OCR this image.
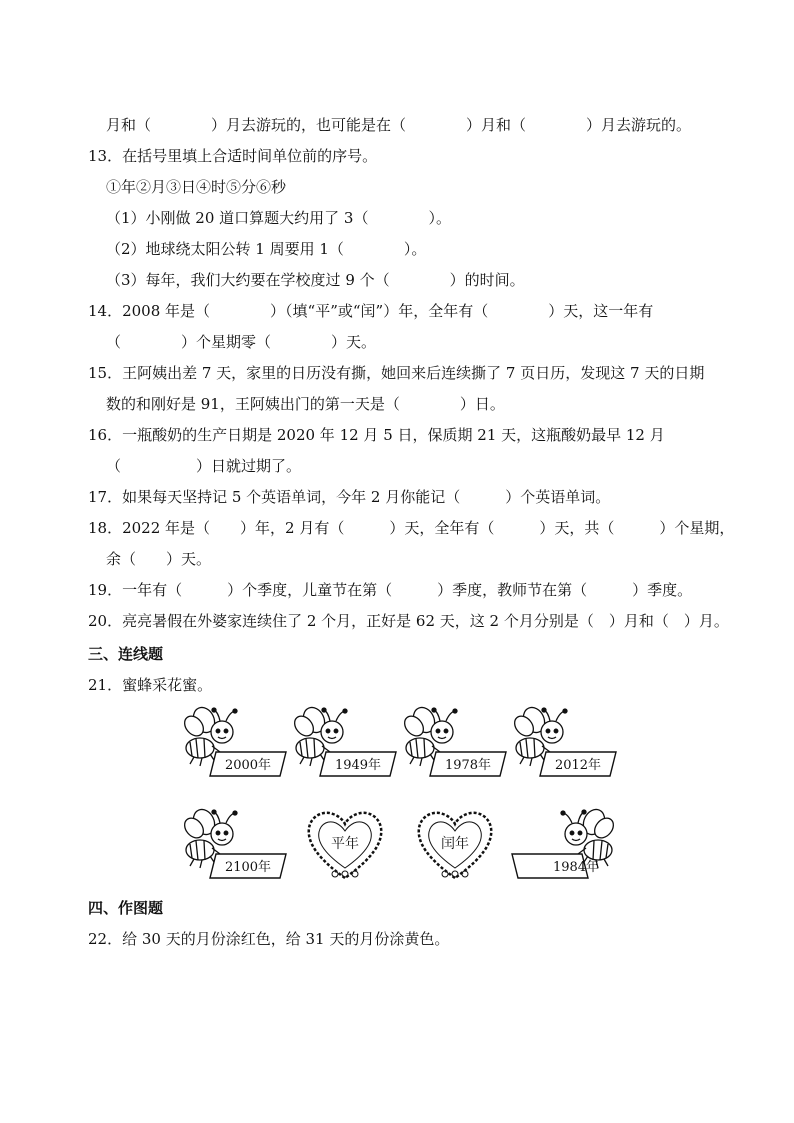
月和（　　　　）月去游玩的，也可能是在（　　　　）月和（　　　　）月去游玩的。
13．在括号里填上合适时间单位前的序号。
①年②月③日④时⑤分⑥秒
（1）小刚做 20 道口算题大约用了 3（　　　　）。
（2）地球绕太阳公转 1 周要用 1（　　　　）。
（3）每年，我们大约要在学校度过 9 个（　　　　）的时间。
14．2008 年是（　　　　）（填“平”或“闰”）年，全年有（　　　　）天，这一年有
（　　　　）个星期零（　　　　）天。
15．王阿姨出差 7 天，家里的日历没有撕，她回来后连续撕了 7 页日历，发现这 7 天的日期
数的和刚好是 91，王阿姨出门的第一天是（　　　　）日。
16．一瓶酸奶的生产日期是 2020 年 12 月 5 日，保质期 21 天，这瓶酸奶最早 12 月
（　　　　　）日就过期了。
17．如果每天坚持记 5 个英语单词，今年 2 月你能记（　　　）个英语单词。
18．2022 年是（　　）年，2 月有（　　　）天，全年有（　　　）天，共（　　　）个星期，
余（　　）天。
19．一年有（　　　）个季度，儿童节在第（　　　）季度，教师节在第（　　　）季度。
20．亮亮暑假在外婆家连续住了 2 个月，正好是 62 天，这 2 个月分别是（　）月和（　）月。
三、连线题
21．蜜蜂采花蜜。
四、作图题
22．给 30 天的月份涂红色，给 31 天的月份涂黄色。
2000年	1949年	1978年	2012年
2100年
平年	闰年
1984年
